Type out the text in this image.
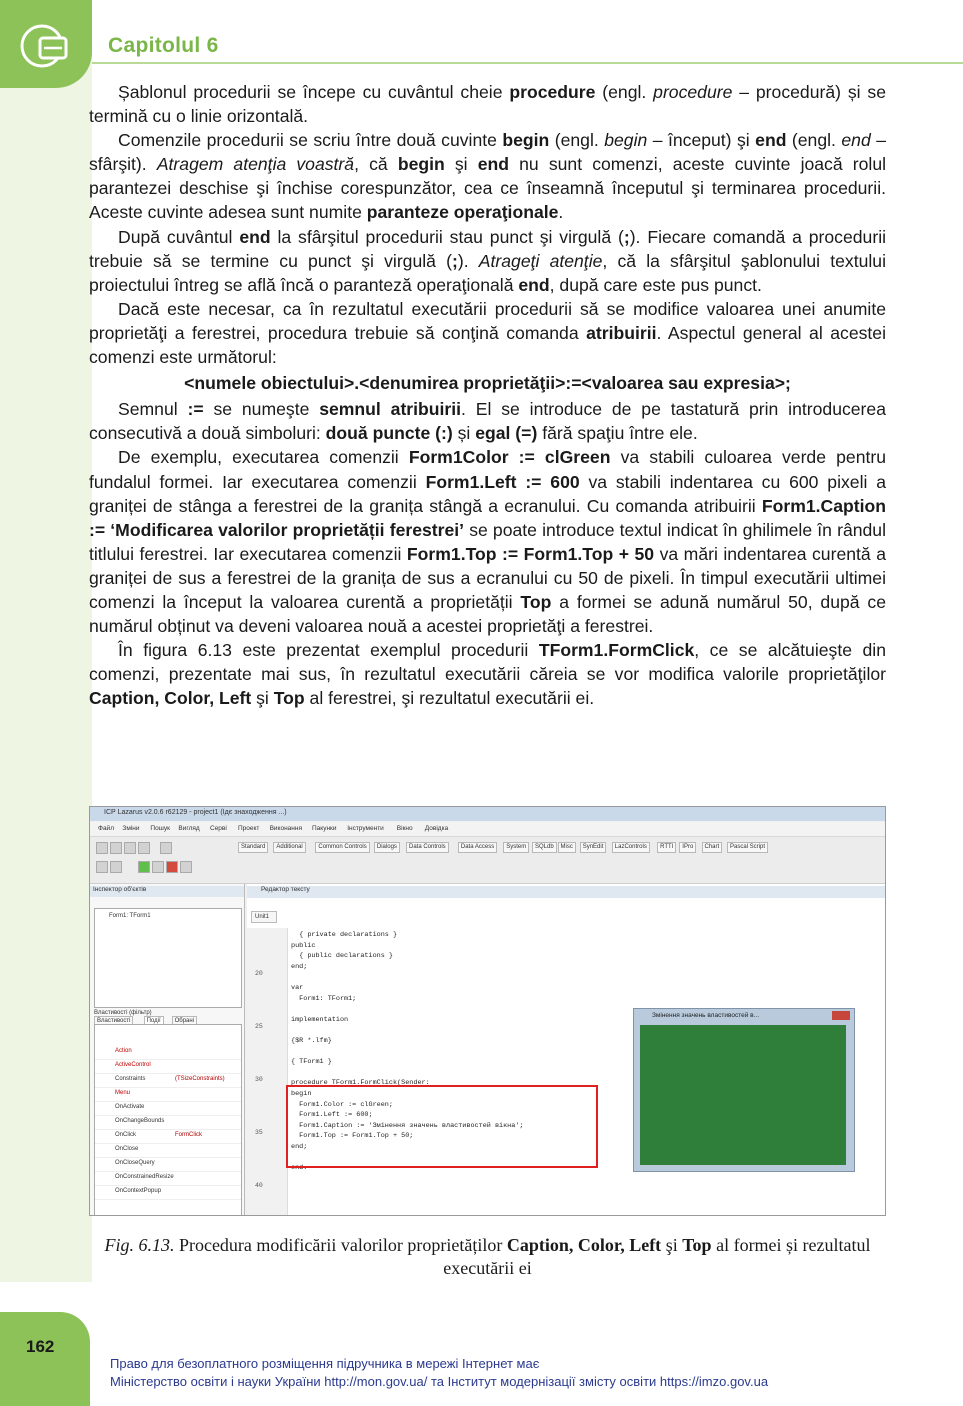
Capitolul 6

Șablonul procedurii se începe cu cuvântul cheie procedure (engl. procedure – procedură) și se termină cu o linie orizontală.

Comenzile procedurii se scriu între două cuvinte begin (engl. begin – început) şi end (engl. end – sfârşit). Atragem atenţia voastră, că begin şi end nu sunt comenzi, aceste cuvinte joacă rolul parantezei deschise şi închise corespunzător, cea ce înseamnă începutul şi terminarea procedurii. Aceste cuvinte adesea sunt numite paranteze operaţionale.

După cuvântul end la sfârşitul procedurii stau punct şi virgulă (;). Fiecare comandă a procedurii trebuie să se termine cu punct şi virgulă (;). Atrageţi atenţie, că la sfârşitul şablonului textului proiectului întreg se află încă o paranteză operaţională end, după care este pus punct.

Dacă este necesar, ca în rezultatul executării procedurii să se modifice valoarea unei anumite proprietăţi a ferestrei, procedura trebuie să conţină comanda atribuirii. Aspectul general al acestei comenzi este următorul:

<numele obiectului>.<denumirea proprietăţii>:=<valoarea sau expresia>;

Semnul := se numeşte semnul atribuirii. El se introduce de pe tastatură prin introducerea consecutivă a două simboluri: două puncte (:) și egal (=) fără spaţiu între ele.

De exemplu, executarea comenzii Form1Color := clGreen va stabili culoarea verde pentru fundalul formei. Iar executarea comenzii Form1.Left := 600 va stabili indentarea cu 600 pixeli a graniței de stânga a ferestrei de la granița stângă a ecranului. Cu comanda atribuirii Form1.Caption := ‘Modificarea valorilor proprietății ferestrei’ se poate introduce textul indicat în ghilimele în rândul titlului ferestrei. Iar executarea comenzii Form1.Top := Form1.Top + 50 va mări indentarea curentă a graniței de sus a ferestrei de la granița de sus a ecranului cu 50 de pixeli. În timpul executării ultimei comenzi la început la valoarea curentă a proprietății Top a formei se adună numărul 50, după ce numărul obținut va deveni valoarea nouă a acestei proprietăţi a ferestrei.

În figura 6.13 este prezentat exemplul procedurii TForm1.FormClick, ce se alcătuieşte din comenzi, prezentate mai sus, în rezultatul executării căreia se vor modifica valorile proprietăţilor Caption, Color, Left şi Top al ferestrei, şi rezultatul executării ei.

ІСР Lazarus v2.0.6 r62129 - project1 (Ідє знаходження ...)
Файл Зміни Пошук Вигляд Серві Проект Виконання Пакунки Інструменти Вікно Довідка
Standard	Additional	Common Controls	Dialogs	Data Controls	Data Access	System	SQLdb	Misc	SynEdit	LazControls	RTTI	IPro	Chart	Pascal Script
Інспектор об'єктів
Form1: TForm1
Властивості (фільтр)
Властивості	Події	Обрані
Action
ActiveControl
Constraints	(TSizeConstraints)
Menu
OnActivate
OnChangeBounds
OnClick	FormClick
OnClose
OnCloseQuery
OnConstrainedResize
OnContextPopup
Редактор тексту
Unit1
20
25
30
35
40
{ private declarations }
public
{ public declarations }
end;

var
Form1: TForm1;

implementation

{$R *.lfm}

{ TForm1 }

procedure TForm1.FormClick(Sender:
begin
Form1.Color := clGreen;
Form1.Left := 600;
Form1.Caption := 'Змінення значень властивостей вікна';
Form1.Top := Form1.Top + 50;
end;

end.
Змінення значень властивостей в...
Fig. 6.13. Procedura modificării valorilor proprietăților Caption, Color, Left şi Top al formei și rezultatul executării ei
162
Право для безоплатного розміщення підручника в мережі Інтернет має
Міністерство освіти і науки України http://mon.gov.ua/ та Інститут модернізації змісту освіти https://imzo.gov.ua
